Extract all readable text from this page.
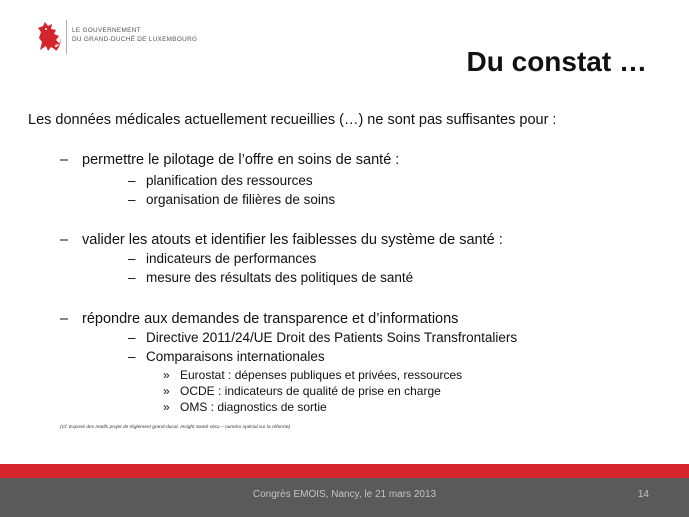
LE GOUVERNEMENT
DU GRAND-DUCHÉ DE LUXEMBOURG
Du constat …
Les données médicales actuellement recueillies (…) ne sont pas suffisantes pour :
– permettre le pilotage de l’offre en soins de santé :
– planification des ressources
– organisation de filières de soins
– valider les atouts et identifier les faiblesses du système de santé :
– indicateurs de performances
– mesure des résultats des politiques de santé
– répondre aux demandes de transparence et d’informations
– Directive 2011/24/UE Droit des Patients Soins Transfrontaliers
– Comparaisons internationales
» Eurostat : dépenses publiques et privées, ressources
» OCDE : indicateurs de qualité de prise en charge
» OMS : diagnostics de sortie
(Cf. Exposé des motifs projet de règlement grand-ducal, Insight Santé sécu – numéro spécial sur la réforme)
Congrès EMOIS, Nancy, le 21 mars 2013	14
